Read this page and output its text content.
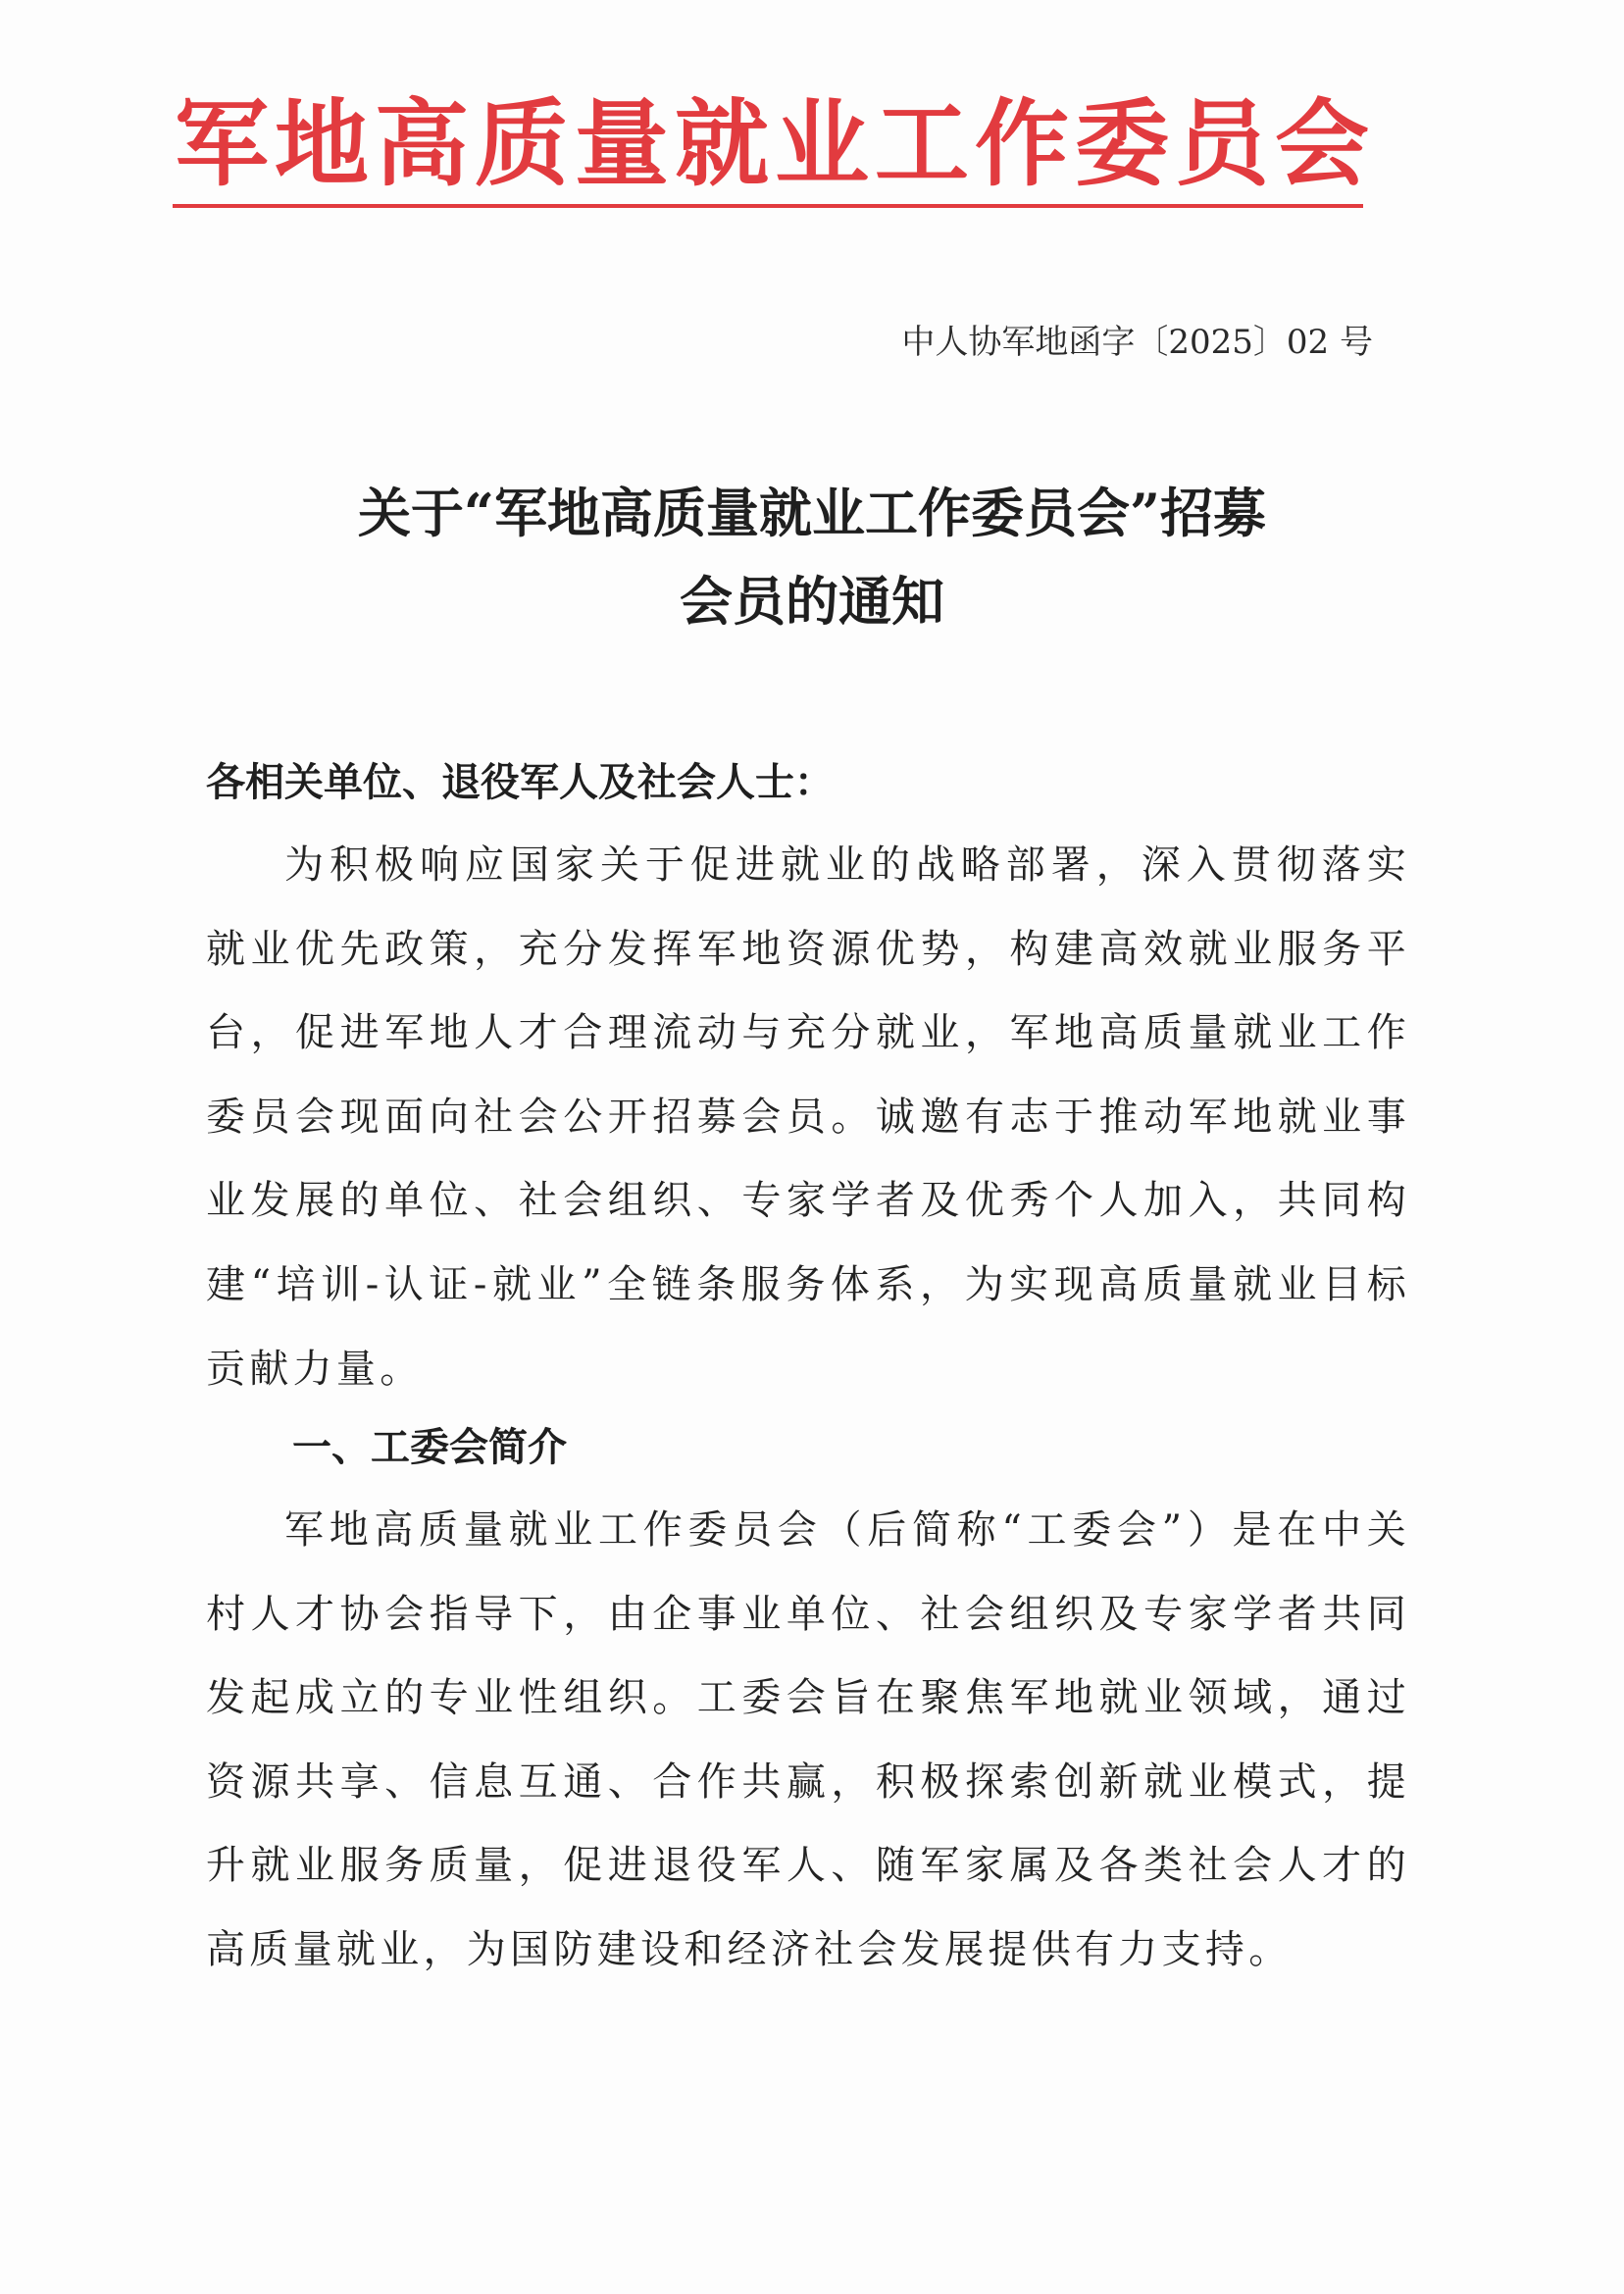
军地高质量就业工作委员会
中人协军地函字〔2025〕02 号
关于“军地高质量就业工作委员会”招募
会员的通知
各相关单位、退役军人及社会人士：

为积极响应国家关于促进就业的战略部署，深入贯彻落实就业优先政策，充分发挥军地资源优势，构建高效就业服务平台，促进军地人才合理流动与充分就业，军地高质量就业工作委员会现面向社会公开招募会员。诚邀有志于推动军地就业事业发展的单位、社会组织、专家学者及优秀个人加入，共同构建“培训-认证-就业”全链条服务体系，为实现高质量就业目标贡献力量。

一、工委会简介

军地高质量就业工作委员会（后简称“工委会”）是在中关村人才协会指导下，由企事业单位、社会组织及专家学者共同发起成立的专业性组织。工委会旨在聚焦军地就业领域，通过资源共享、信息互通、合作共赢，积极探索创新就业模式，提升就业服务质量，促进退役军人、随军家属及各类社会人才的高质量就业，为国防建设和经济社会发展提供有力支持。
